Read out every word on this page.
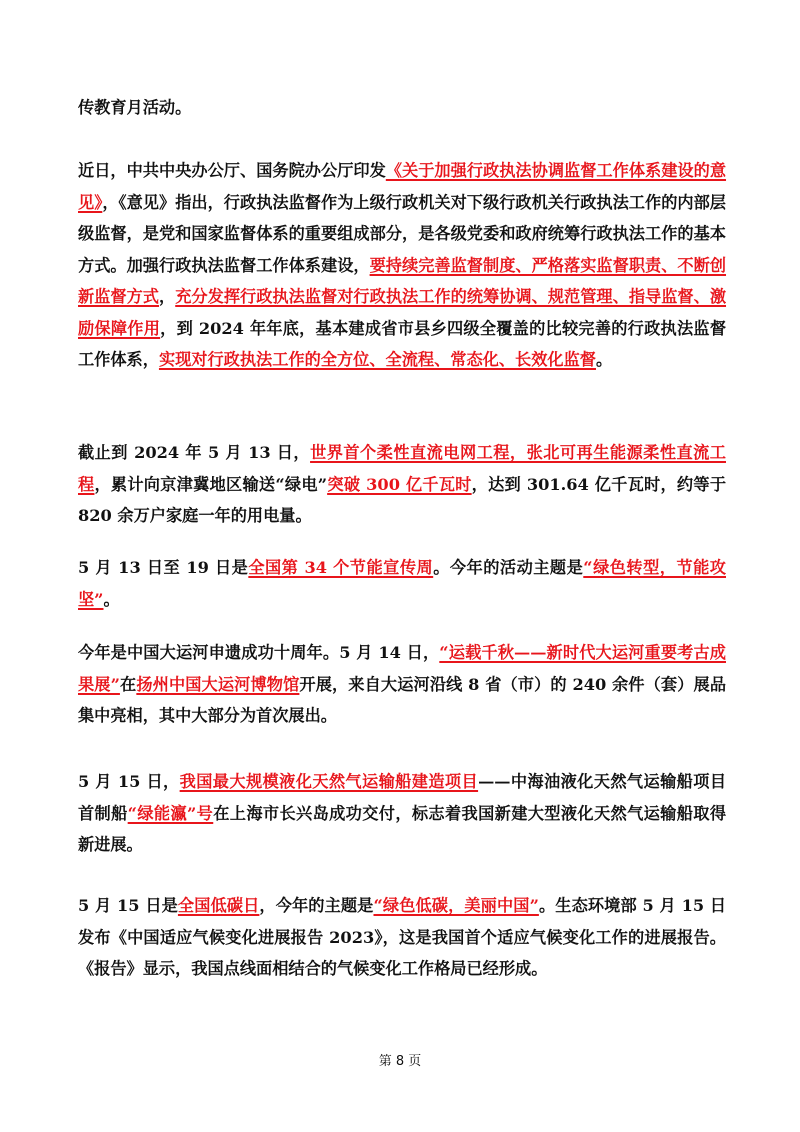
传教育月活动。

近日，中共中央办公厅、国务院办公厅印发《关于加强行政执法协调监督工作体系建设的意见》，《意见》指出，行政执法监督作为上级行政机关对下级行政机关行政执法工作的内部层级监督，是党和国家监督体系的重要组成部分，是各级党委和政府统筹行政执法工作的基本方式。加强行政执法监督工作体系建设，要持续完善监督制度、严格落实监督职责、不断创新监督方式，充分发挥行政执法监督对行政执法工作的统筹协调、规范管理、指导监督、激励保障作用，到 2024 年年底，基本建成省市县乡四级全覆盖的比较完善的行政执法监督工作体系，实现对行政执法工作的全方位、全流程、常态化、长效化监督。

截止到 2024 年 5 月 13 日，世界首个柔性直流电网工程，张北可再生能源柔性直流工程，累计向京津冀地区输送“绿电”突破 300 亿千瓦时，达到 301.64 亿千瓦时，约等于 820 余万户家庭一年的用电量。

5 月 13 日至 19 日是全国第 34 个节能宣传周。今年的活动主题是“绿色转型，节能攻坚”。

今年是中国大运河申遗成功十周年。5 月 14 日，“运载千秋——新时代大运河重要考古成果展”在扬州中国大运河博物馆开展，来自大运河沿线 8 省（市）的 240 余件（套）展品集中亮相，其中大部分为首次展出。

5 月 15 日，我国最大规模液化天然气运输船建造项目——中海油液化天然气运输船项目首制船“绿能瀛”号在上海市长兴岛成功交付，标志着我国新建大型液化天然气运输船取得新进展。

5 月 15 日是全国低碳日，今年的主题是“绿色低碳，美丽中国”。生态环境部 5 月 15 日发布《中国适应气候变化进展报告 2023》，这是我国首个适应气候变化工作的进展报告。《报告》显示，我国点线面相结合的气候变化工作格局已经形成。

第 8 页
